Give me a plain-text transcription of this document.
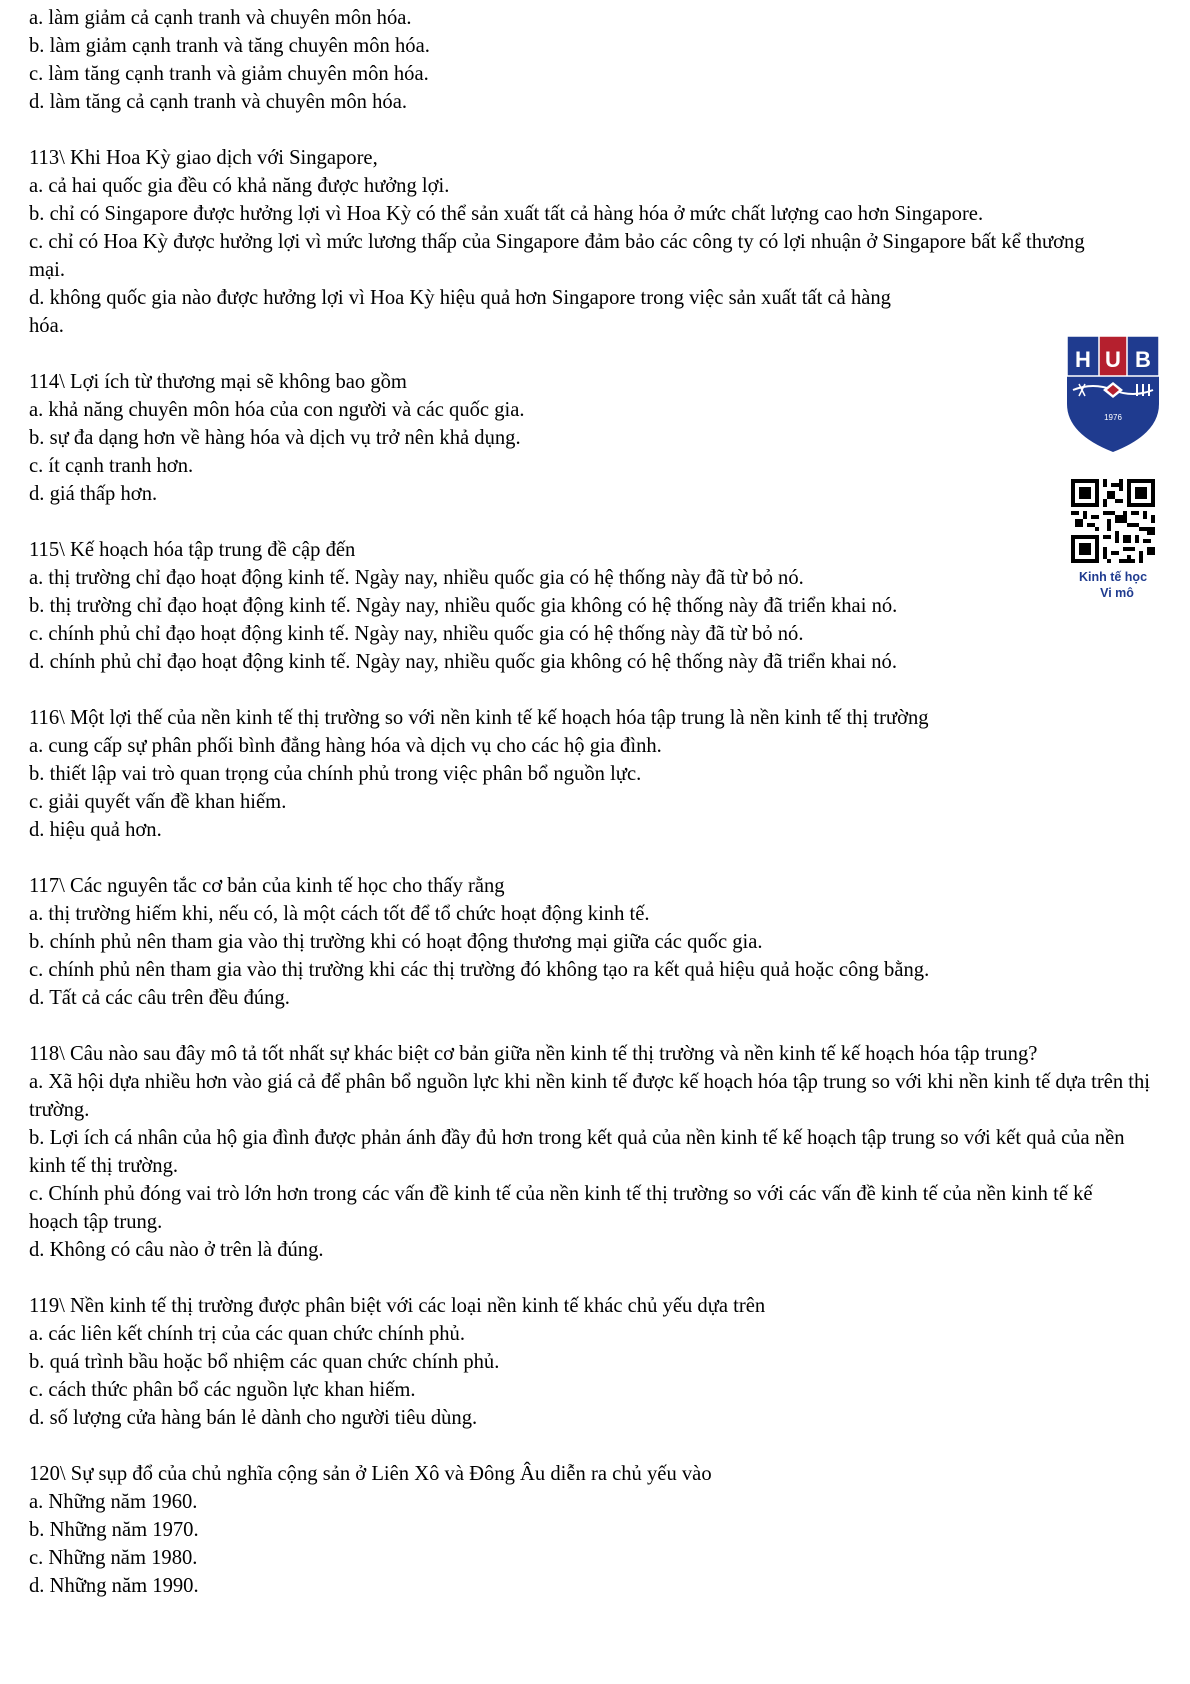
a. làm giảm cả cạnh tranh và chuyên môn hóa.
b. làm giảm cạnh tranh và tăng chuyên môn hóa.
c. làm tăng cạnh tranh và giảm chuyên môn hóa.
d. làm tăng cả cạnh tranh và chuyên môn hóa.
113\ Khi Hoa Kỳ giao dịch với Singapore,
a. cả hai quốc gia đều có khả năng được hưởng lợi.
b. chỉ có Singapore được hưởng lợi vì Hoa Kỳ có thể sản xuất tất cả hàng hóa ở mức chất lượng cao hơn Singapore.
c. chỉ có Hoa Kỳ được hưởng lợi vì mức lương thấp của Singapore đảm bảo các công ty có lợi nhuận ở Singapore bất kể thương mại.
d. không quốc gia nào được hưởng lợi vì Hoa Kỳ hiệu quả hơn Singapore trong việc sản xuất tất cả hàng hóa.
114\ Lợi ích từ thương mại sẽ không bao gồm
a. khả năng chuyên môn hóa của con người và các quốc gia.
b. sự đa dạng hơn về hàng hóa và dịch vụ trở nên khả dụng.
c. ít cạnh tranh hơn.
d. giá thấp hơn.
115\ Kế hoạch hóa tập trung đề cập đến
a. thị trường chỉ đạo hoạt động kinh tế. Ngày nay, nhiều quốc gia có hệ thống này đã từ bỏ nó.
b. thị trường chỉ đạo hoạt động kinh tế. Ngày nay, nhiều quốc gia không có hệ thống này đã triển khai nó.
c. chính phủ chỉ đạo hoạt động kinh tế. Ngày nay, nhiều quốc gia có hệ thống này đã từ bỏ nó.
d. chính phủ chỉ đạo hoạt động kinh tế. Ngày nay, nhiều quốc gia không có hệ thống này đã triển khai nó.
116\ Một lợi thế của nền kinh tế thị trường so với nền kinh tế kế hoạch hóa tập trung là nền kinh tế thị trường
a. cung cấp sự phân phối bình đẳng hàng hóa và dịch vụ cho các hộ gia đình.
b. thiết lập vai trò quan trọng của chính phủ trong việc phân bổ nguồn lực.
c. giải quyết vấn đề khan hiếm.
d. hiệu quả hơn.
117\ Các nguyên tắc cơ bản của kinh tế học cho thấy rằng
a. thị trường hiếm khi, nếu có, là một cách tốt để tổ chức hoạt động kinh tế.
b. chính phủ nên tham gia vào thị trường khi có hoạt động thương mại giữa các quốc gia.
c. chính phủ nên tham gia vào thị trường khi các thị trường đó không tạo ra kết quả hiệu quả hoặc công bằng.
d. Tất cả các câu trên đều đúng.
118\ Câu nào sau đây mô tả tốt nhất sự khác biệt cơ bản giữa nền kinh tế thị trường và nền kinh tế kế hoạch hóa tập trung?
a. Xã hội dựa nhiều hơn vào giá cả để phân bổ nguồn lực khi nền kinh tế được kế hoạch hóa tập trung so với khi nền kinh tế dựa trên thị trường.
b. Lợi ích cá nhân của hộ gia đình được phản ánh đầy đủ hơn trong kết quả của nền kinh tế kế hoạch tập trung so với kết quả của nền kinh tế thị trường.
c. Chính phủ đóng vai trò lớn hơn trong các vấn đề kinh tế của nền kinh tế thị trường so với các vấn đề kinh tế của nền kinh tế kế hoạch tập trung.
d. Không có câu nào ở trên là đúng.
119\ Nền kinh tế thị trường được phân biệt với các loại nền kinh tế khác chủ yếu dựa trên
a. các liên kết chính trị của các quan chức chính phủ.
b. quá trình bầu hoặc bổ nhiệm các quan chức chính phủ.
c. cách thức phân bổ các nguồn lực khan hiếm.
d. số lượng cửa hàng bán lẻ dành cho người tiêu dùng.
120\ Sự sụp đổ của chủ nghĩa cộng sản ở Liên Xô và Đông Âu diễn ra chủ yếu vào
a. Những năm 1960.
b. Những năm 1970.
c. Những năm 1980.
d. Những năm 1990.
H U B
1976
Kinh tế học
Vi mô
